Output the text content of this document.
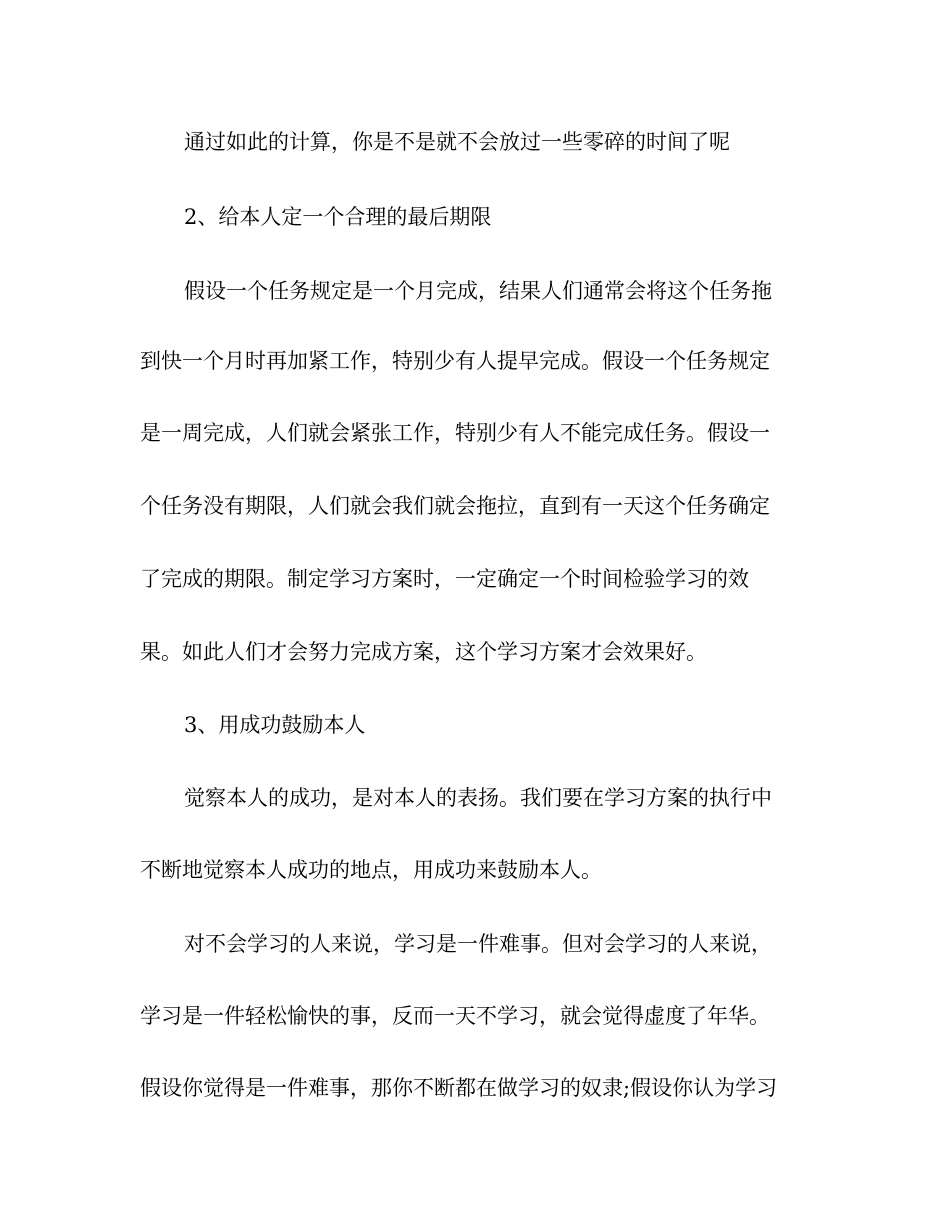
通过如此的计算，你是不是就不会放过一些零碎的时间了呢
2、给本人定一个合理的最后期限
假设一个任务规定是一个月完成，结果人们通常会将这个任务拖
到快一个月时再加紧工作，特别少有人提早完成。假设一个任务规定
是一周完成，人们就会紧张工作，特别少有人不能完成任务。假设一
个任务没有期限，人们就会我们就会拖拉，直到有一天这个任务确定
了完成的期限。制定学习方案时，一定确定一个时间检验学习的效
果。如此人们才会努力完成方案，这个学习方案才会效果好。
3、用成功鼓励本人
觉察本人的成功，是对本人的表扬。我们要在学习方案的执行中
不断地觉察本人成功的地点，用成功来鼓励本人。
对不会学习的人来说，学习是一件难事。但对会学习的人来说，
学习是一件轻松愉快的事，反而一天不学习，就会觉得虚度了年华。
假设你觉得是一件难事，那你不断都在做学习的奴隶;假设你认为学习
